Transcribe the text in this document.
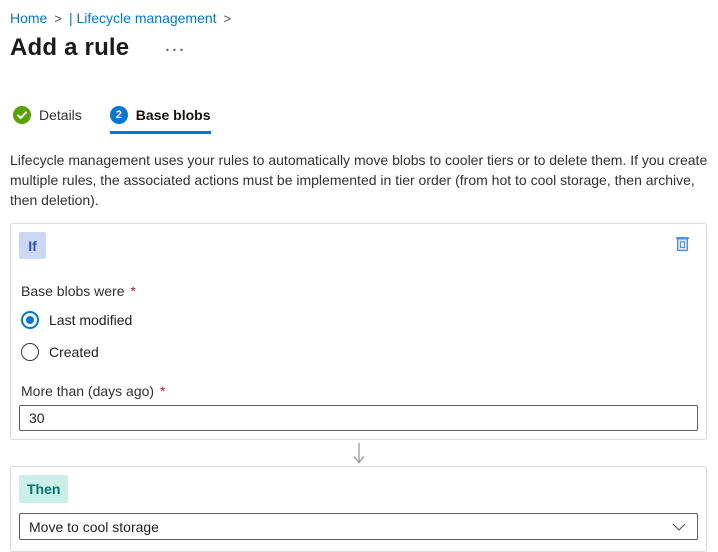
Home > | Lifecycle management >
Add a rule ···
Details	2 Base blobs

Lifecycle management uses your rules to automatically move blobs to cooler tiers or to delete them. If you create multiple rules, the associated actions must be implemented in tier order (from hot to cool storage, then archive, then deletion).

If
Base blobs were *
Last modified
Created
More than (days ago) *
30
Then
Move to cool storage
